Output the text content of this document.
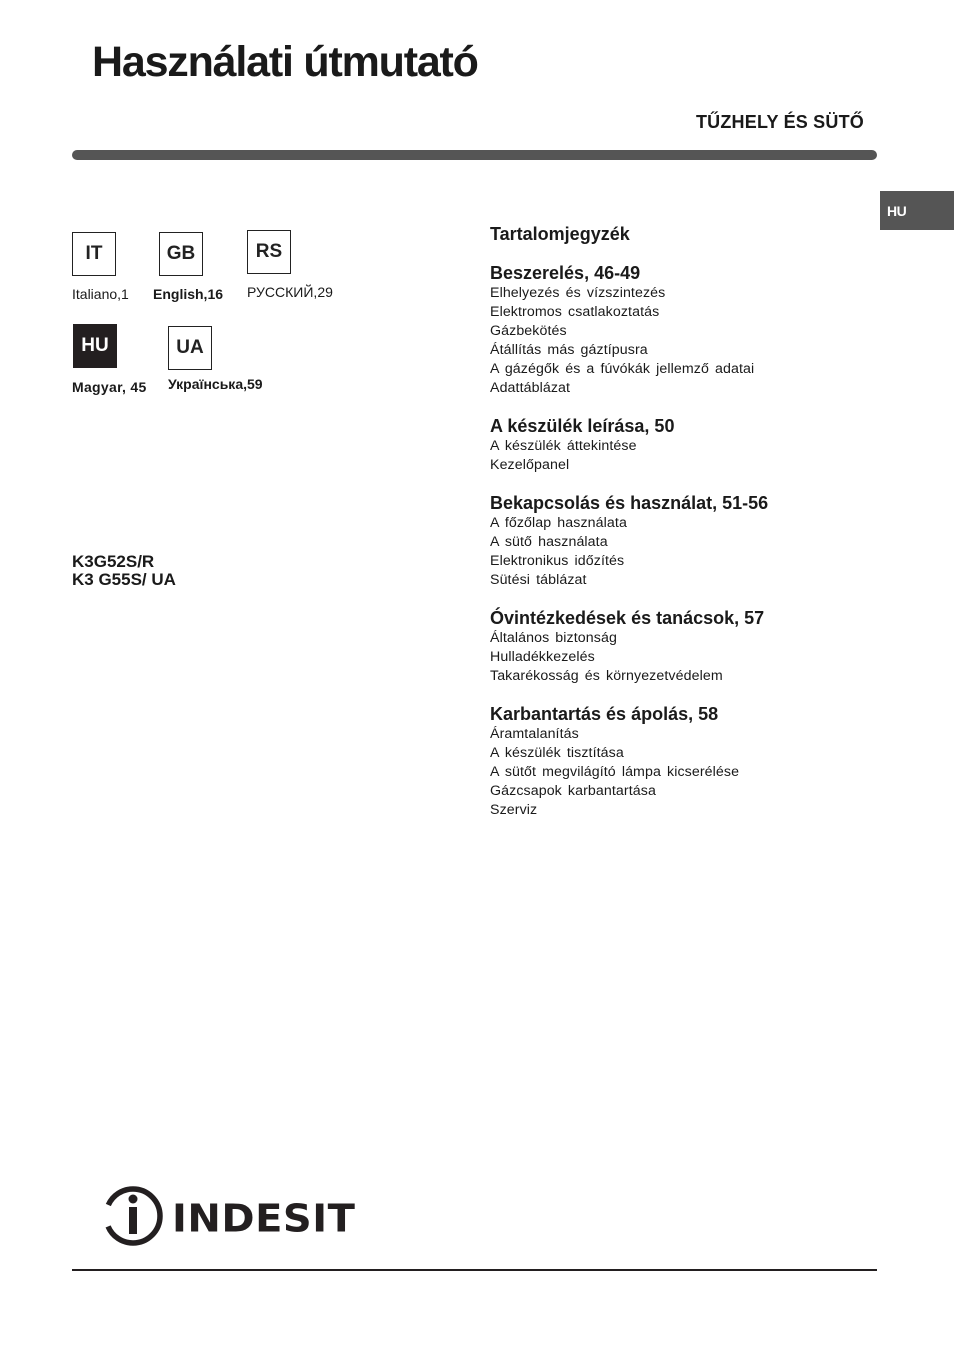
Használati útmutató
TŰZHELY ÉS SÜTŐ
HU
IT
Italiano,1
GB
English,16
RS
РУССКИЙ,29
HU
Magyar, 45
UA
Українська,59
K3G52S/R
K3 G55S/ UA
Tartalomjegyzék
Beszerelés, 46-49
Elhelyezés és vízszintezés
Elektromos csatlakoztatás
Gázbekötés
Átállítás más gáztípusra
A gázégők és a fúvókák jellemző adatai
Adattáblázat
A készülék leírása, 50
A készülék áttekintése
Kezelőpanel
Bekapcsolás és használat, 51-56
A főzőlap használata
A sütő használata
Elektronikus időzítés
Sütési táblázat
Óvintézkedések és tanácsok, 57
Általános biztonság
Hulladékkezelés
Takarékosság és környezetvédelem
Karbantartás és ápolás, 58
Áramtalanítás
A készülék tisztítása
A sütőt megvilágító lámpa kicserélése
Gázcsapok karbantartása
Szerviz
INDESIT
